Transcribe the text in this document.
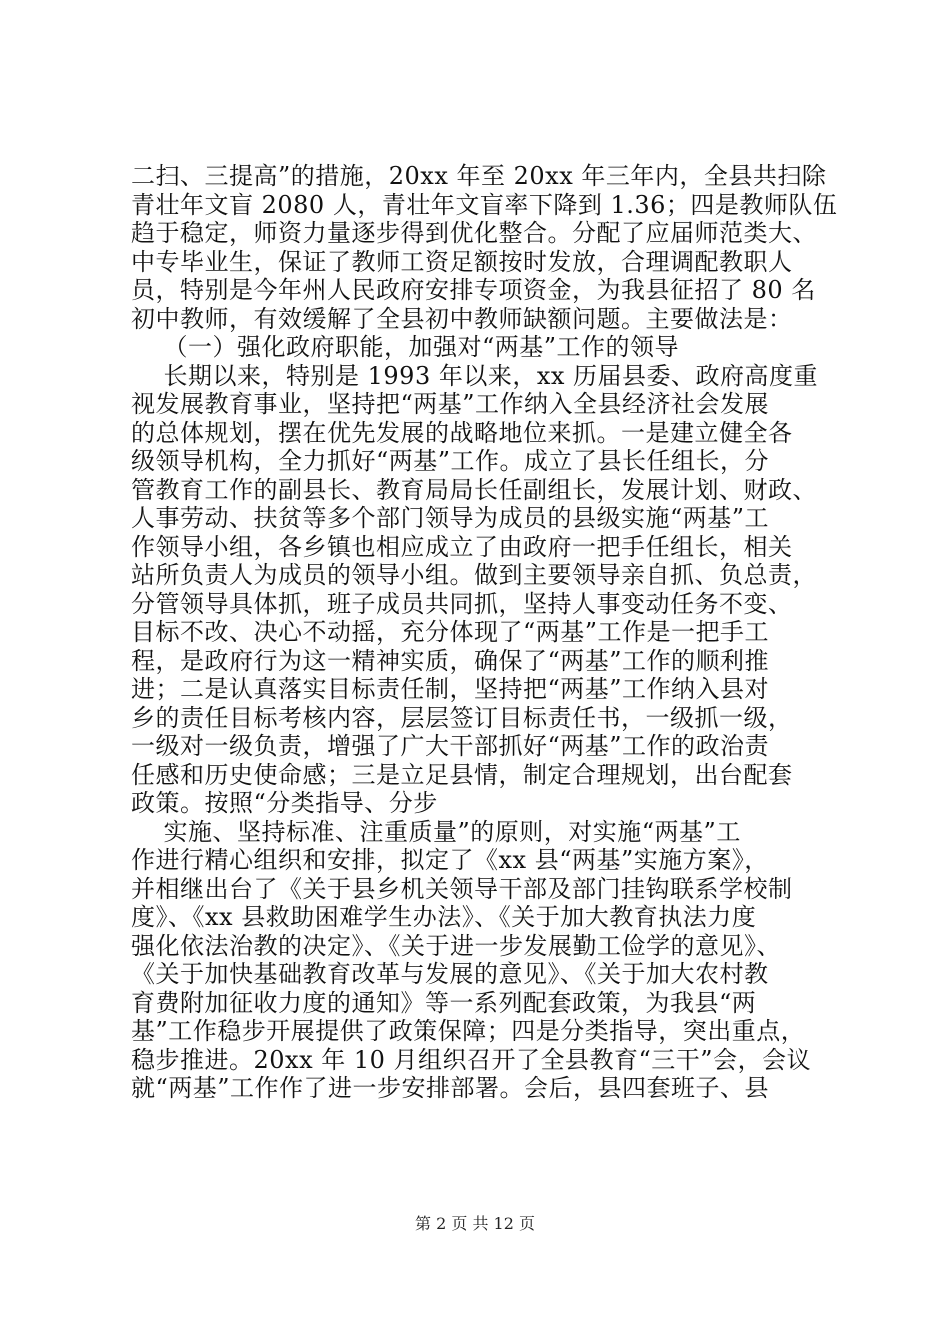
二扫、三提高”的措施，20xx 年至 20xx 年三年内，全县共扫除
青壮年文盲 2080 人，青壮年文盲率下降到 1.36；四是教师队伍
趋于稳定，师资力量逐步得到优化整合。分配了应届师范类大、
中专毕业生，保证了教师工资足额按时发放，合理调配教职人
员，特别是今年州人民政府安排专项资金，为我县征招了 80 名
初中教师，有效缓解了全县初中教师缺额问题。主要做法是：
（一）强化政府职能，加强对“两基”工作的领导
长期以来，特别是 1993 年以来，xx 历届县委、政府高度重
视发展教育事业，坚持把“两基”工作纳入全县经济社会发展
的总体规划，摆在优先发展的战略地位来抓。一是建立健全各
级领导机构，全力抓好“两基”工作。成立了县长任组长，分
管教育工作的副县长、教育局局长任副组长，发展计划、财政、
人事劳动、扶贫等多个部门领导为成员的县级实施“两基”工
作领导小组，各乡镇也相应成立了由政府一把手任组长，相关
站所负责人为成员的领导小组。做到主要领导亲自抓、负总责，
分管领导具体抓，班子成员共同抓，坚持人事变动任务不变、
目标不改、决心不动摇，充分体现了“两基”工作是一把手工
程，是政府行为这一精神实质，确保了“两基”工作的顺利推
进；二是认真落实目标责任制，坚持把“两基”工作纳入县对
乡的责任目标考核内容，层层签订目标责任书，一级抓一级，
一级对一级负责，增强了广大干部抓好“两基”工作的政治责
任感和历史使命感；三是立足县情，制定合理规划，出台配套
政策。按照“分类指导、分步
实施、坚持标准、注重质量”的原则，对实施“两基”工
作进行精心组织和安排，拟定了《xx 县“两基”实施方案》，
并相继出台了《关于县乡机关领导干部及部门挂钩联系学校制
度》、《xx 县救助困难学生办法》、《关于加大教育执法力度
强化依法治教的决定》、《关于进一步发展勤工俭学的意见》、
《关于加快基础教育改革与发展的意见》、《关于加大农村教
育费附加征收力度的通知》等一系列配套政策，为我县“两
基”工作稳步开展提供了政策保障；四是分类指导，突出重点，
稳步推进。20xx 年 10 月组织召开了全县教育“三干”会，会议
就“两基”工作作了进一步安排部署。会后，县四套班子、县
第 2 页 共 12 页
